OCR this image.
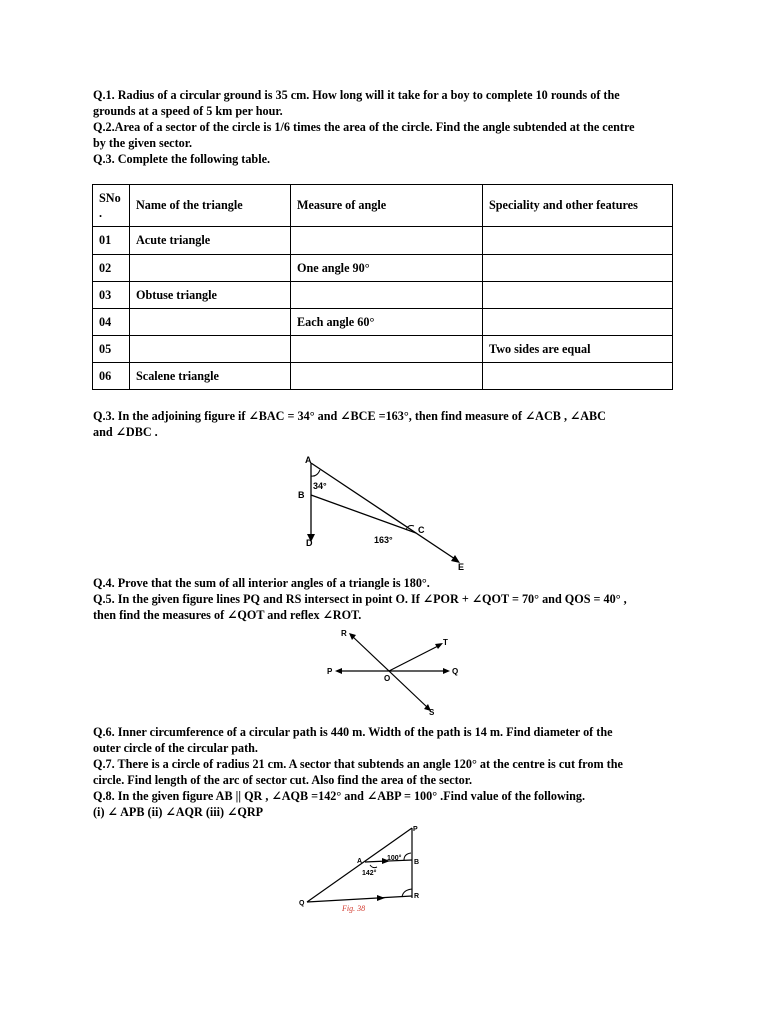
Q.1. Radius of a circular ground is 35 cm. How long will it take for a boy to complete 10 rounds of the
grounds at a speed of 5 km per hour.

Q.2.Area of a sector of the circle is 1/6 times the area of the circle. Find the angle subtended at the centre
by the given sector.

Q.3. Complete the following table.

SNo .	Name of the triangle	Measure of angle	Speciality and other features
01	Acute triangle		
02		One angle 90°	
03	Obtuse triangle		
04		Each angle 60°	
05			Two sides are equal
06	Scalene triangle		

Q.3. In the adjoining figure if ∠BAC = 34° and ∠BCE =163°, then find measure of ∠ACB , ∠ABC
and ∠DBC .

A
B
C
D
E
34°
163°

Q.4. Prove that the sum of all interior angles of a triangle is 180°.

Q.5. In the given figure lines PQ and RS intersect in point O. If ∠POR + ∠QOT = 70° and QOS = 40° ,
then find the measures of ∠QOT and reflex ∠ROT.

R
T
P	Q
O
S

Q.6. Inner circumference of a circular path is 440 m. Width of the path is 14 m. Find diameter of the
outer circle of the circular path.

Q.7. There is a circle of radius 21 cm. A sector that subtends an angle 120° at the centre is cut from the
circle. Find length of the arc of sector cut. Also find the area of the sector.

Q.8. In the given figure AB || QR , ∠AQB =142° and ∠ABP = 100° .Find value of the following.
(i) ∠ APB (ii) ∠AQR (iii) ∠QRP

P
A	B
Q
R
100°
142°
Fig. 38
